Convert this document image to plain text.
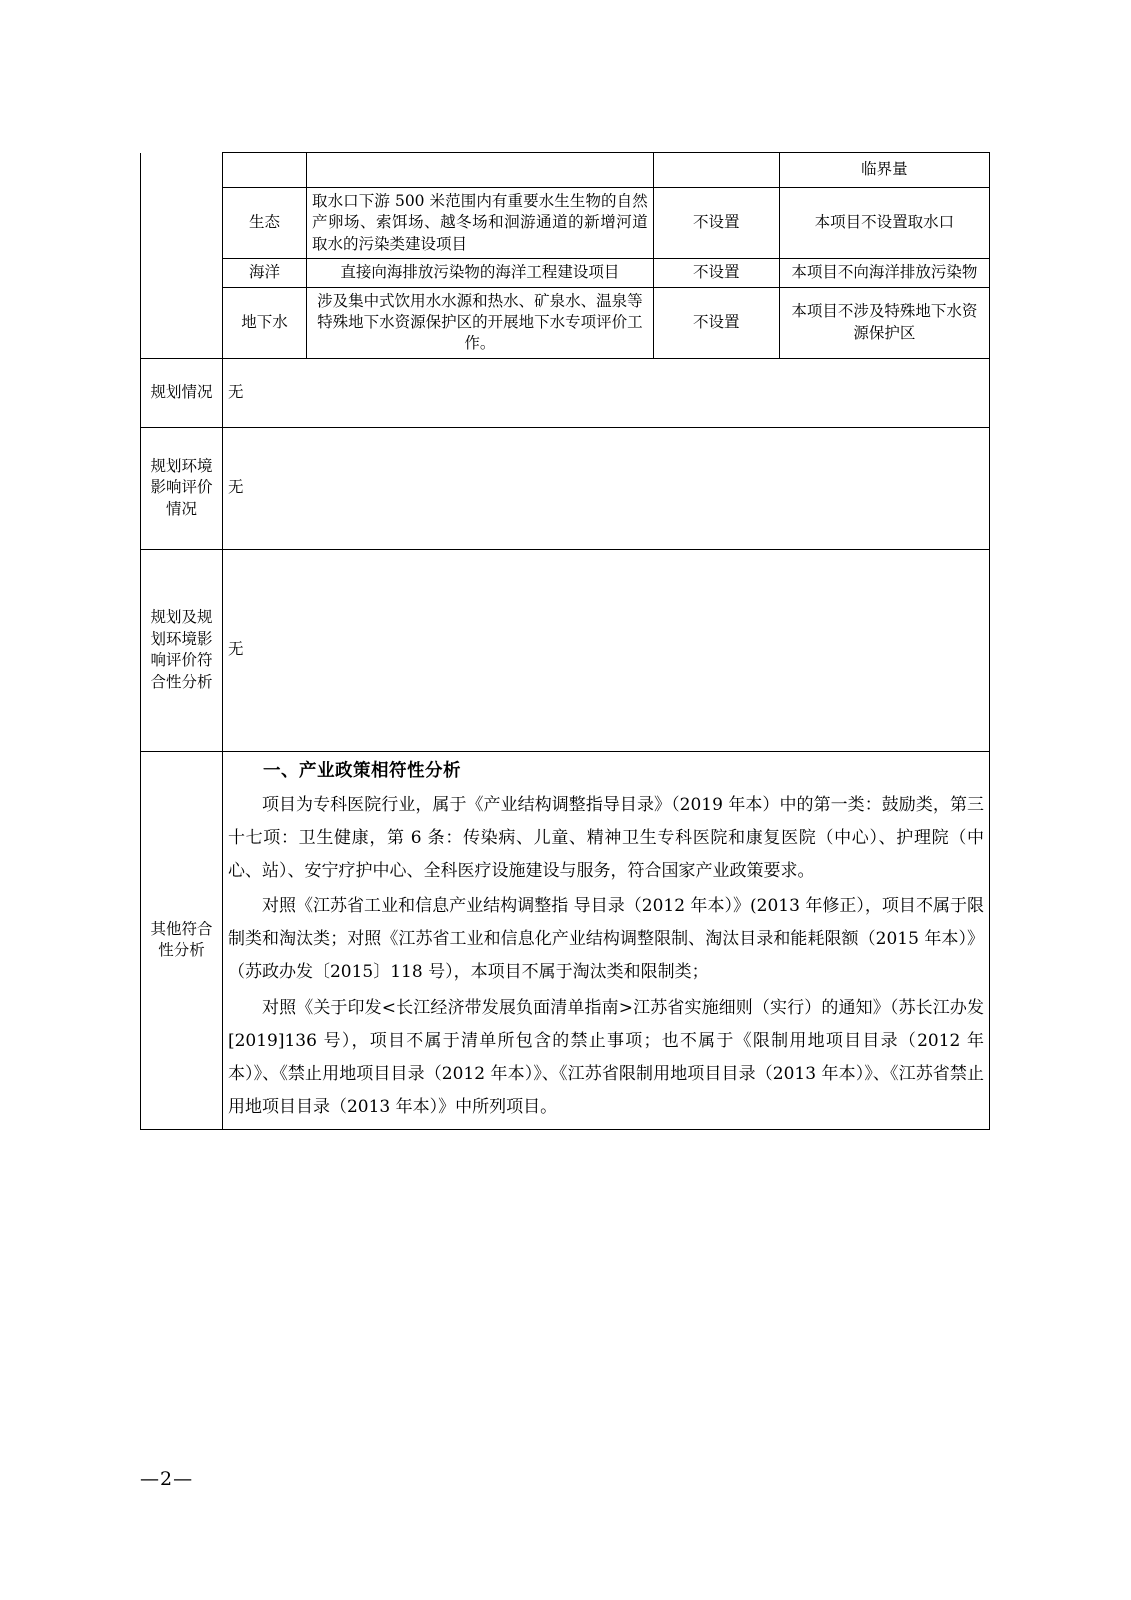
				临界量
	生态	取水口下游 500 米范围内有重要水生生物的自然产卵场、索饵场、越冬场和洄游通道的新增河道取水的污染类建设项目	不设置	本项目不设置取水口
	海洋	直接向海排放污染物的海洋工程建设项目	不设置	本项目不向海洋排放污染物
	地下水	涉及集中式饮用水水源和热水、矿泉水、温泉等特殊地下水资源保护区的开展地下水专项评价工作。	不设置	本项目不涉及特殊地下水资源保护区
规划情况	无			
规划环境影响评价情况	无			
规划及规划环境影响评价符合性分析	无			
其他符合性分析	
一、产业政策相符性分析

项目为专科医院行业，属于《产业结构调整指导目录》（2019 年本）中的第一类：鼓励类，第三十七项：卫生健康，第 6 条：传染病、儿童、精神卫生专科医院和康复医院（中心）、护理院（中心、站）、安宁疗护中心、全科医疗设施建设与服务，符合国家产业政策要求。

对照《江苏省工业和信息产业结构调整指 导目录（2012 年本）》(2013 年修正），项目不属于限制类和淘汰类；对照《江苏省工业和信息化产业结构调整限制、淘汰目录和能耗限额（2015 年本）》（苏政办发〔2015〕118 号），本项目不属于淘汰类和限制类；

对照《关于印发<长江经济带发展负面清单指南>江苏省实施细则（实行）的通知》（苏长江办发[2019]136 号），项目不属于清单所包含的禁止事项；也不属于《限制用地项目目录（2012 年本）》、《禁止用地项目目录（2012 年本）》、《江苏省限制用地项目目录（2013 年本）》、《江苏省禁止用地项目目录（2013 年本）》中所列项目。

—2—
